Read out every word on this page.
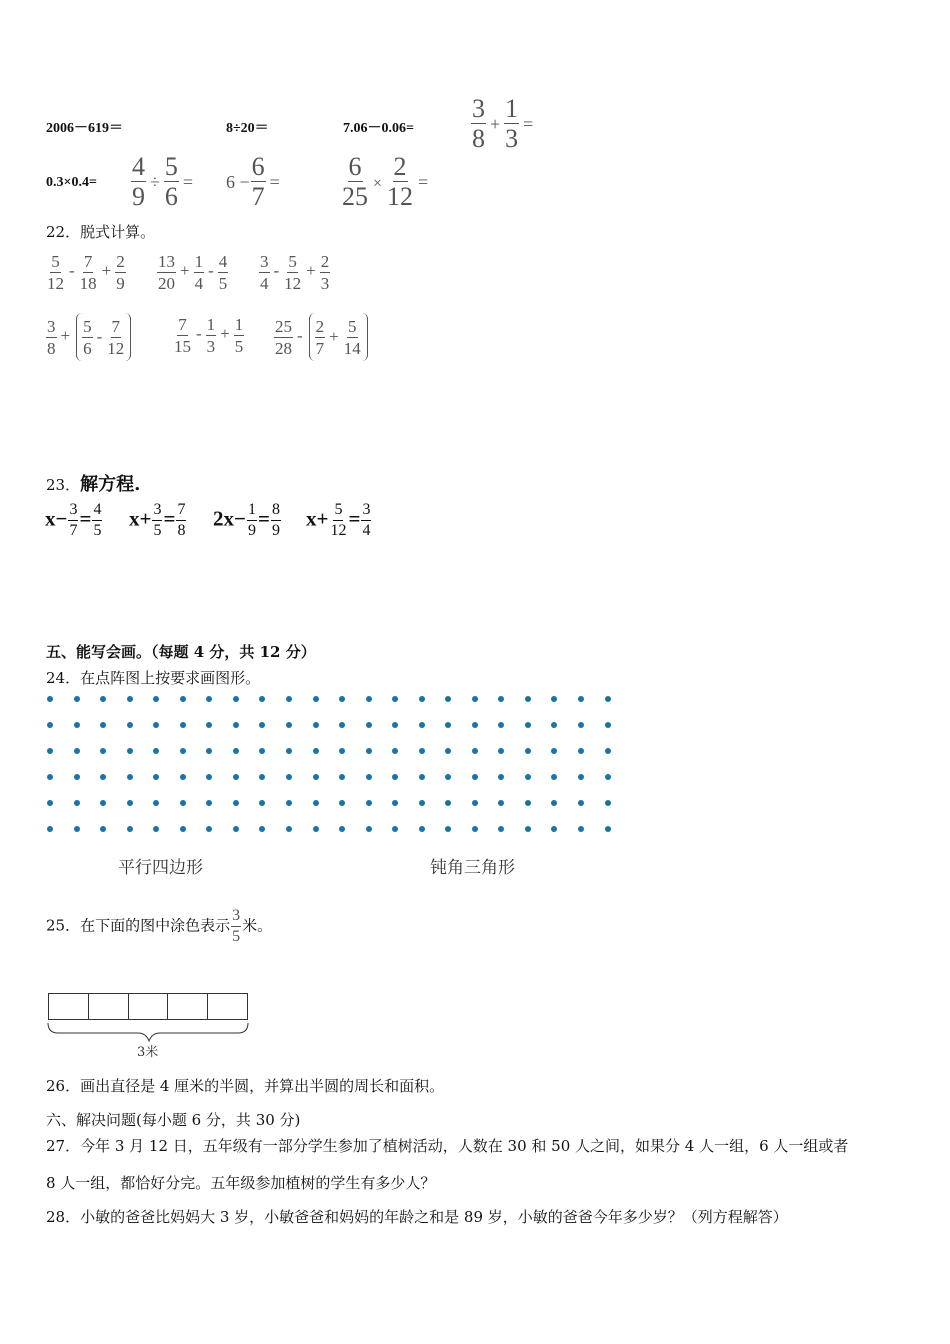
2006－619＝	8÷20＝	$7.06-0.06= \frac{3}{8} + \frac{1}{3}$ =
$0.3\times 0.4= \frac{4}{9} \div \frac{5}{6} = 6 - \frac{6}{7} = \frac{6}{25} \times \frac{2}{12}$ =
22．脱式计算。
$\frac{5}{12} - \frac{7}{18} + \frac{2}{9} \frac{13}{20} + \frac{1}{4} - \frac{4}{5} \frac{3}{4} - \frac{5}{12} + \frac{2}{3}$
$\frac{3}{8} + \frac{5}{6} - \frac{7}{12}$	$\frac{7}{15} - \frac{1}{3} + \frac{1}{5} \frac{25}{28} - \frac{2}{7} + \frac{5}{14}$
23．解方程.
$x- \frac{3}{7} = \frac{4}{5} x+ \frac{3}{5} = \frac{7}{8} 2x- \frac{1}{9} = \frac{8}{9} x+ \frac{5}{12} = \frac{3}{4}$
五、能写会画。（每题 4 分，共 12 分）
24．在点阵图上按要求画图形。
平行四边形	钝角三角形
25．在下面的图中涂色表示 $\frac{3}{5}$ 米。
3米
26．画出直径是 4 厘米的半圆，并算出半圆的周长和面积。
六、解决问题(每小题 6 分，共 30 分)
27．今年 3 月 12 日，五年级有一部分学生参加了植树活动，人数在 30 和 50 人之间，如果分 4 人一组，6 人一组或者
8 人一组，都恰好分完。五年级参加植树的学生有多少人？
28．小敏的爸爸比妈妈大 3 岁，小敏爸爸和妈妈的年龄之和是 89 岁，小敏的爸爸今年多少岁？（列方程解答）
